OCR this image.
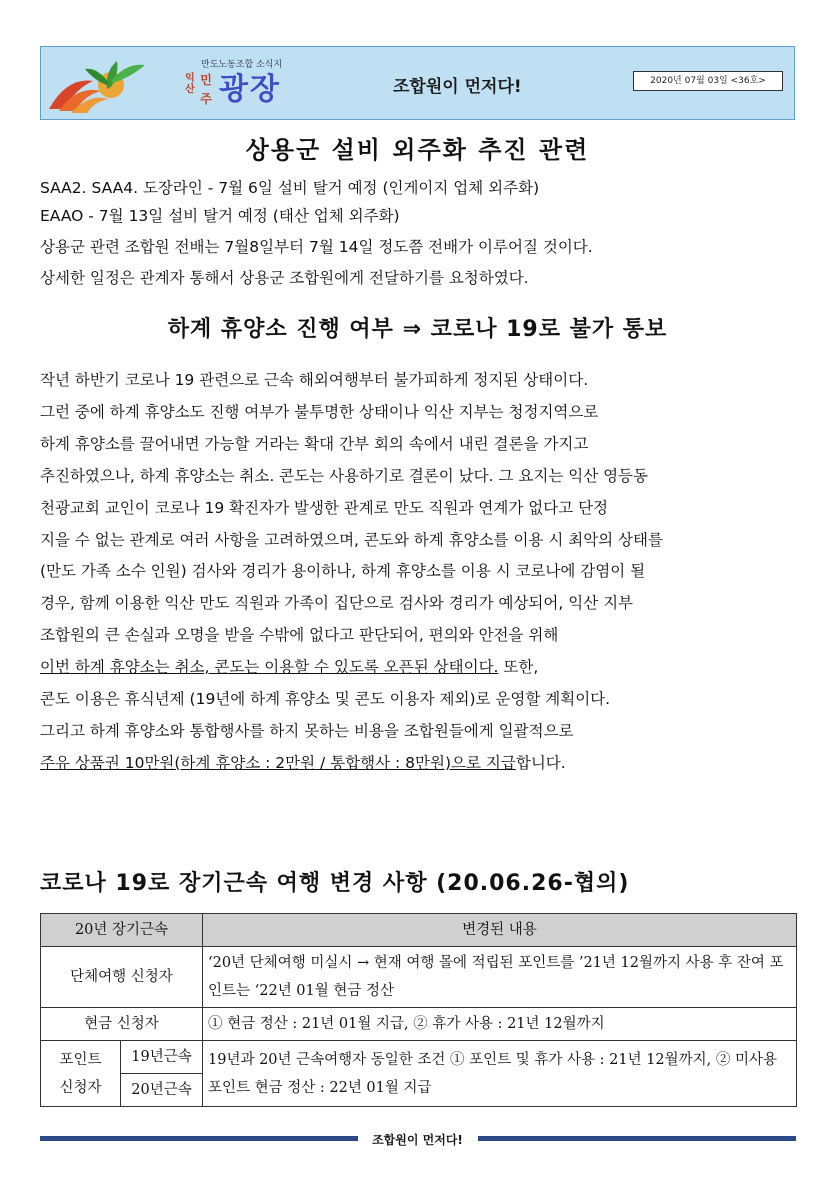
만도노동조합 소식지
익산
민주 광장	조합원이 먼저다!	2020년 07월 03일 <36호>
상용군 설비 외주화 추진 관련
SAA2. SAA4. 도장라인 - 7월 6일 설비 탈거 예정 (인게이지 업체 외주화)
EAAO - 7월 13일 설비 탈거 예정 (태산 업체 외주화)
상용군 관련 조합원 전배는 7월8일부터 7월 14일 정도쯤 전배가 이루어질 것이다.
상세한 일정은 관계자 통해서 상용군 조합원에게 전달하기를 요청하였다.
하계 휴양소 진행 여부 ⇒ 코로나 19로 불가 통보
작년 하반기 코로나 19 관련으로 근속 해외여행부터 불가피하게 정지된 상태이다.
그런 중에 하계 휴양소도 진행 여부가 불투명한 상태이나 익산 지부는 청정지역으로
하계 휴양소를 끌어내면 가능할 거라는 확대 간부 회의 속에서 내린 결론을 가지고
추진하였으나, 하계 휴양소는 취소. 콘도는 사용하기로 결론이 났다. 그 요지는 익산 영등동
천광교회 교인이 코로나 19 확진자가 발생한 관계로 만도 직원과 연계가 없다고 단정
지을 수 없는 관계로 여러 사항을 고려하였으며, 콘도와 하계 휴양소를 이용 시 최악의 상태를
(만도 가족 소수 인원) 검사와 경리가 용이하나, 하계 휴양소를 이용 시 코로나에 감염이 될
경우, 함께 이용한 익산 만도 직원과 가족이 집단으로 검사와 경리가 예상되어, 익산 지부
조합원의 큰 손실과 오명을 받을 수밖에 없다고 판단되어, 편의와 안전을 위해
이번 하계 휴양소는 취소, 콘도는 이용할 수 있도록 오픈된 상태이다. 또한,
콘도 이용은 휴식년제 (19년에 하계 휴양소 및 콘도 이용자 제외)로 운영할 계획이다.
그리고 하계 휴양소와 통합행사를 하지 못하는 비용을 조합원들에게 일괄적으로
주유 상품권 10만원(하계 휴양소 : 2만원 / 통합행사 : 8만원)으로 지급합니다.
코로나 19로 장기근속 여행 변경 사항 (20.06.26-협의)
20년 장기근속		변경된 내용
단체여행 신청자		‘20년 단체여행 미실시 → 현재 여행 몰에 적립된 포인트를 ’21년 12월까지 사용 후 잔여 포인트는 ‘22년 01월 현금 정산
현금 신청자		① 현금 정산 : 21년 01월 지급, ② 휴가 사용 : 21년 12월까지

포인트
신청자	19년근속	19년과 20년 근속여행자 동일한 조건 ① 포인트 및 휴가 사용 : 21년 12월까지, ② 미사용 포인트 현금 정산 : 22년 01월 지급
	20년근속	
조합원이 먼저다!
